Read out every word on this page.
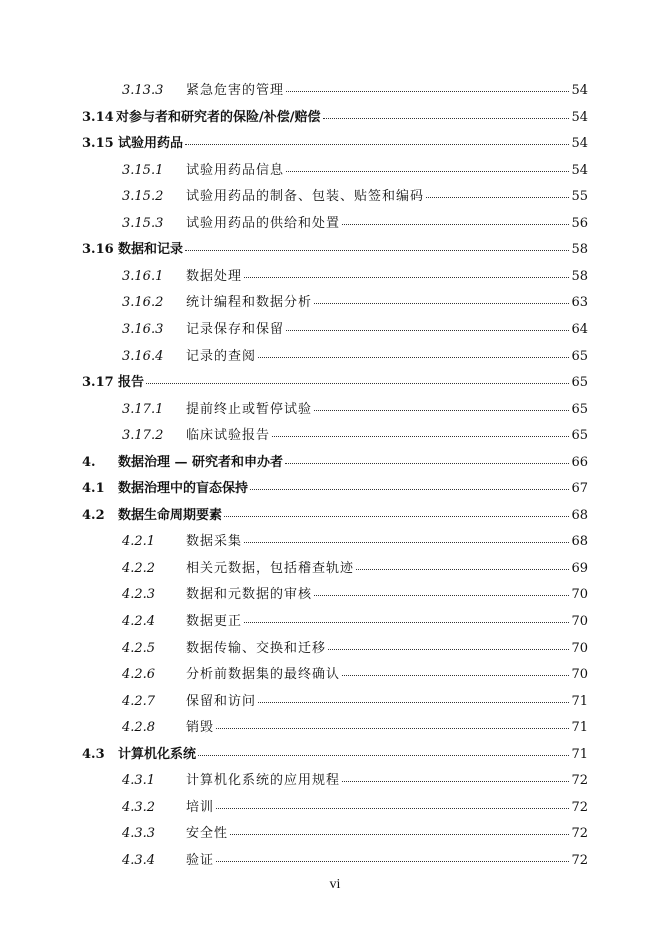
3.13.3	紧急危害的管理	54
3.14 对参与者和研究者的保险/补偿/赔偿	54
3.15 试验用药品	54
3.15.1	试验用药品信息	54
3.15.2	试验用药品的制备、包装、贴签和编码	55
3.15.3	试验用药品的供给和处置	56
3.16 数据和记录	58
3.16.1	数据处理	58
3.16.2	统计编程和数据分析	63
3.16.3	记录保存和保留	64
3.16.4	记录的查阅	65
3.17 报告	65
3.17.1	提前终止或暂停试验	65
3.17.2	临床试验报告	65
4.	数据治理 — 研究者和申办者	66
4.1	数据治理中的盲态保持	67
4.2	数据生命周期要素	68
4.2.1	数据采集	68
4.2.2	相关元数据，包括稽查轨迹	69
4.2.3	数据和元数据的审核	70
4.2.4	数据更正	70
4.2.5	数据传输、交换和迁移	70
4.2.6	分析前数据集的最终确认	70
4.2.7	保留和访问	71
4.2.8	销毁	71
4.3	计算机化系统	71
4.3.1	计算机化系统的应用规程	72
4.3.2	培训	72
4.3.3	安全性	72
4.3.4	验证	72
vi
